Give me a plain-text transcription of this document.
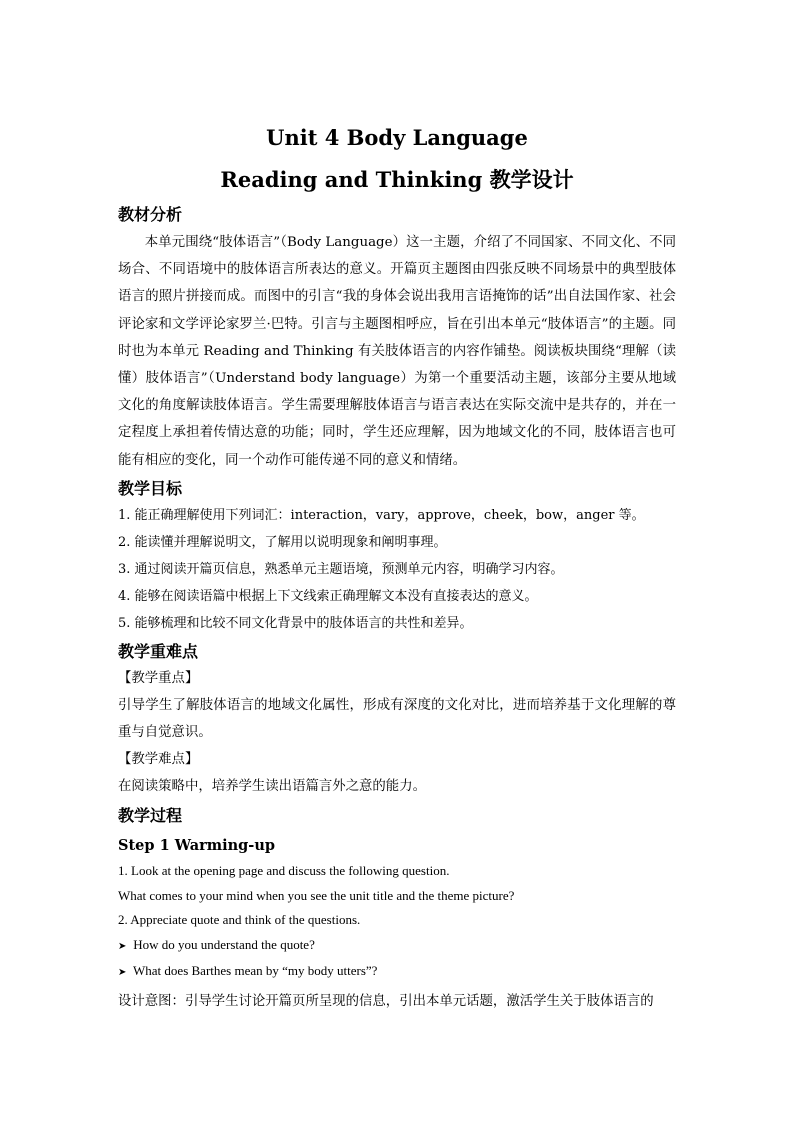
Unit 4 Body Language

Reading and Thinking 教学设计

教材分析

本单元围绕“肢体语言”（Body Language）这一主题，介绍了不同国家、不同文化、不同场合、不同语境中的肢体语言所表达的意义。开篇页主题图由四张反映不同场景中的典型肢体语言的照片拼接而成。而图中的引言“我的身体会说出我用言语掩饰的话”出自法国作家、社会评论家和文学评论家罗兰·巴特。引言与主题图相呼应，旨在引出本单元“肢体语言”的主题。同时也为本单元 Reading and Thinking 有关肢体语言的内容作铺垫。阅读板块围绕“理解（读懂）肢体语言”（Understand body language）为第一个重要活动主题，该部分主要从地域文化的角度解读肢体语言。学生需要理解肢体语言与语言表达在实际交流中是共存的，并在一定程度上承担着传情达意的功能；同时，学生还应理解，因为地域文化的不同，肢体语言也可能有相应的变化，同一个动作可能传递不同的意义和情绪。

教学目标

1. 能正确理解使用下列词汇：interaction，vary，approve，cheek，bow，anger 等。

2. 能读懂并理解说明文，了解用以说明现象和阐明事理。

3. 通过阅读开篇页信息，熟悉单元主题语境，预测单元内容，明确学习内容。

4. 能够在阅读语篇中根据上下文线索正确理解文本没有直接表达的意义。

5. 能够梳理和比较不同文化背景中的肢体语言的共性和差异。

教学重难点

【教学重点】

引导学生了解肢体语言的地域文化属性，形成有深度的文化对比，进而培养基于文化理解的尊重与自觉意识。

【教学难点】

在阅读策略中，培养学生读出语篇言外之意的能力。

教学过程

Step 1 Warming-up

1. Look at the opening page and discuss the following question.

What comes to your mind when you see the unit title and the theme picture?

2. Appreciate quote and think of the questions.

➤ How do you understand the quote?

➤ What does Barthes mean by “my body utters”?

设计意图：引导学生讨论开篇页所呈现的信息，引出本单元话题，激活学生关于肢体语言的
